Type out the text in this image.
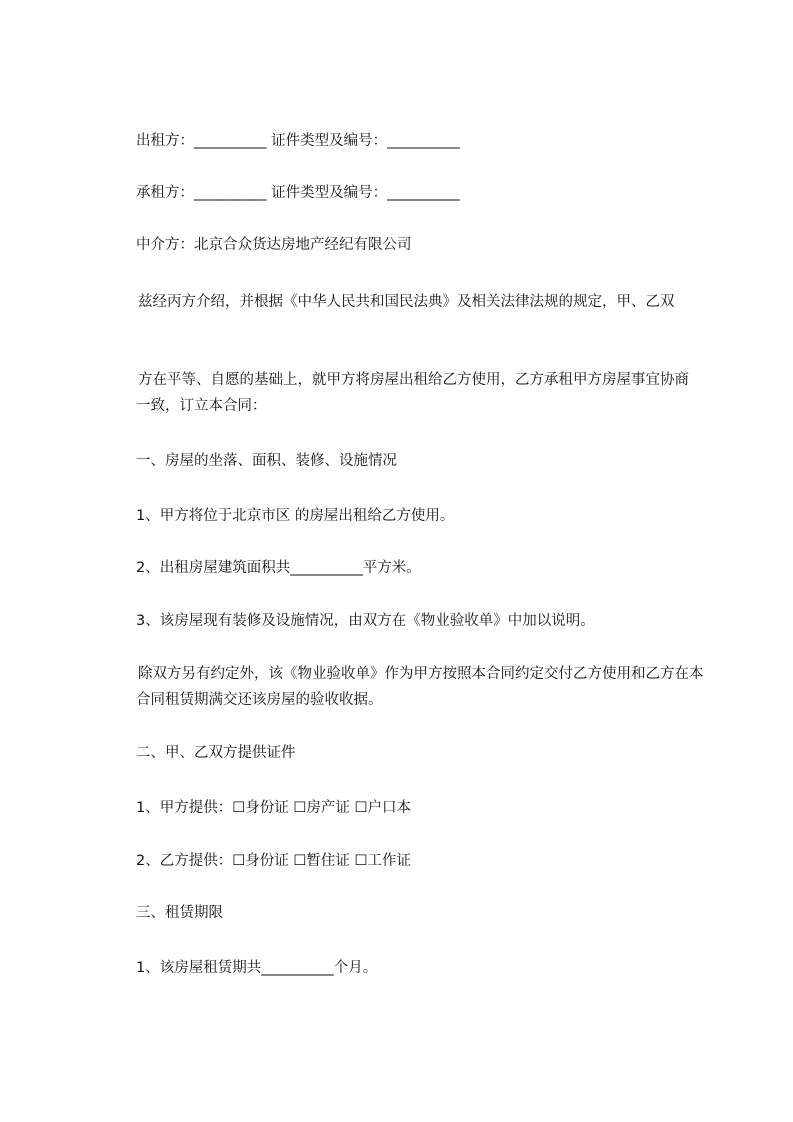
出租方：__________ 证件类型及编号：__________

承租方：__________ 证件类型及编号：__________

中介方：北京合众货达房地产经纪有限公司

兹经丙方介绍，并根据《中华人民共和国民法典》及相关法律法规的规定，甲、乙双

方在平等、自愿的基础上，就甲方将房屋出租给乙方使用，乙方承租甲方房屋事宜协商一致，订立本合同：

一、房屋的坐落、面积、装修、设施情况

1、甲方将位于北京市区 的房屋出租给乙方使用。

2、出租房屋建筑面积共__________平方米。

3、该房屋现有装修及设施情况，由双方在《物业验收单》中加以说明。

除双方另有约定外，该《物业验收单》作为甲方按照本合同约定交付乙方使用和乙方在本合同租赁期满交还该房屋的验收收据。

二、甲、乙双方提供证件

1、甲方提供：☐身份证 ☐房产证 ☐户口本

2、乙方提供：☐身份证 ☐暂住证 ☐工作证

三、租赁期限

1、该房屋租赁期共__________个月。
